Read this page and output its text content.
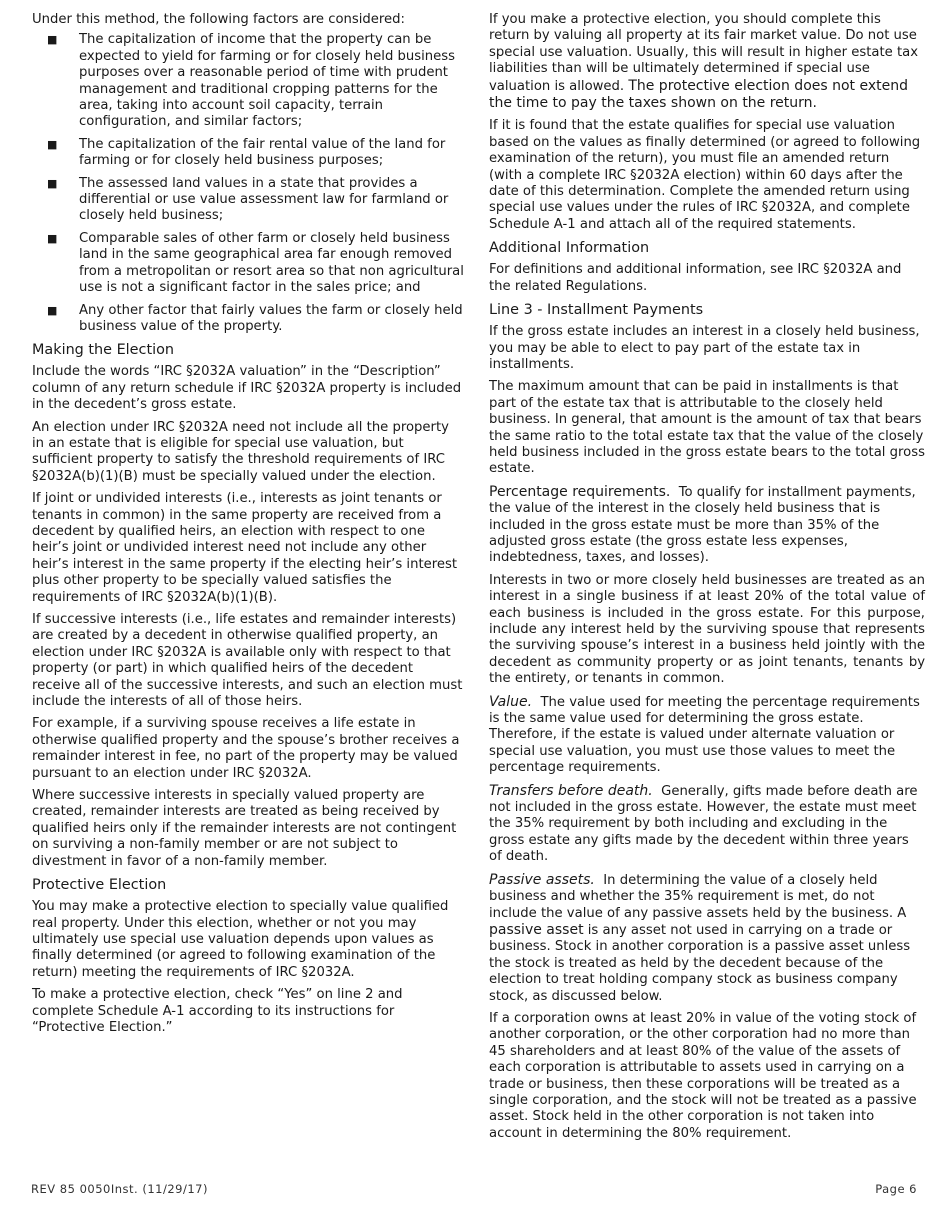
Under this method, the following factors are considered:

■ The capitalization of income that the property can be expected to yield for farming or for closely held business purposes over a reasonable period of time with prudent management and traditional cropping patterns for the area, taking into account soil capacity, terrain configuration, and similar factors;
■ The capitalization of the fair rental value of the land for farming or for closely held business purposes;
■ The assessed land values in a state that provides a differential or use value assessment law for farmland or closely held business;
■ Comparable sales of other farm or closely held business land in the same geographical area far enough removed from a metropolitan or resort area so that non agricultural use is not a significant factor in the sales price; and
■ Any other factor that fairly values the farm or closely held business value of the property.
Making the Election

Include the words “IRC §2032A valuation” in the “Description” column of any return schedule if IRC §2032A property is included in the decedent’s gross estate.

An election under IRC §2032A need not include all the property in an estate that is eligible for special use valuation, but sufficient property to satisfy the threshold requirements of IRC §2032A(b)(1)(B) must be specially valued under the election.

If joint or undivided interests (i.e., interests as joint tenants or tenants in common) in the same property are received from a decedent by qualified heirs, an election with respect to one heir’s joint or undivided interest need not include any other heir’s interest in the same property if the electing heir’s interest plus other property to be specially valued satisfies the requirements of IRC §2032A(b)(1)(B).

If successive interests (i.e., life estates and remainder interests) are created by a decedent in otherwise qualified property, an election under IRC §2032A is available only with respect to that property (or part) in which qualified heirs of the decedent receive all of the successive interests, and such an election must include the interests of all of those heirs.

For example, if a surviving spouse receives a life estate in otherwise qualified property and the spouse’s brother receives a remainder interest in fee, no part of the property may be valued pursuant to an election under IRC §2032A.

Where successive interests in specially valued property are created, remainder interests are treated as being received by qualified heirs only if the remainder interests are not contingent on surviving a non-family member or are not subject to divestment in favor of a non-family member.

Protective Election

You may make a protective election to specially value qualified real property. Under this election, whether or not you may ultimately use special use valuation depends upon values as finally determined (or agreed to following examination of the return) meeting the requirements of IRC §2032A.

To make a protective election, check “Yes” on line 2 and complete Schedule A-1 according to its instructions for “Protective Election.”

If you make a protective election, you should complete this return by valuing all property at its fair market value. Do not use special use valuation. Usually, this will result in higher estate tax liabilities than will be ultimately determined if special use valuation is allowed. The protective election does not extend the time to pay the taxes shown on the return.

If it is found that the estate qualifies for special use valuation based on the values as finally determined (or agreed to following examination of the return), you must file an amended return (with a complete IRC §2032A election) within 60 days after the date of this determination. Complete the amended return using special use values under the rules of IRC §2032A, and complete Schedule A-1 and attach all of the required statements.

Additional Information

For definitions and additional information, see IRC §2032A and the related Regulations.

Line 3 - Installment Payments

If the gross estate includes an interest in a closely held business, you may be able to elect to pay part of the estate tax in installments.

The maximum amount that can be paid in installments is that part of the estate tax that is attributable to the closely held business. In general, that amount is the amount of tax that bears the same ratio to the total estate tax that the value of the closely held business included in the gross estate bears to the total gross estate.

Percentage requirements. To qualify for installment payments, the value of the interest in the closely held business that is included in the gross estate must be more than 35% of the adjusted gross estate (the gross estate less expenses, indebtedness, taxes, and losses).

Interests in two or more closely held businesses are treated as an interest in a single business if at least 20% of the total value of each business is included in the gross estate. For this purpose, include any interest held by the surviving spouse that represents the surviving spouse’s interest in a business held jointly with the decedent as community property or as joint tenants, tenants by the entirety, or tenants in common.

Value. The value used for meeting the percentage requirements is the same value used for determining the gross estate. Therefore, if the estate is valued under alternate valuation or special use valuation, you must use those values to meet the percentage requirements.

Transfers before death. Generally, gifts made before death are not included in the gross estate. However, the estate must meet the 35% requirement by both including and excluding in the gross estate any gifts made by the decedent within three years of death.

Passive assets. In determining the value of a closely held business and whether the 35% requirement is met, do not include the value of any passive assets held by the business. A passive asset is any asset not used in carrying on a trade or business. Stock in another corporation is a passive asset unless the stock is treated as held by the decedent because of the election to treat holding company stock as business company stock, as discussed below.

If a corporation owns at least 20% in value of the voting stock of another corporation, or the other corporation had no more than 45 shareholders and at least 80% of the value of the assets of each corporation is attributable to assets used in carrying on a trade or business, then these corporations will be treated as a single corporation, and the stock will not be treated as a passive asset. Stock held in the other corporation is not taken into account in determining the 80% requirement.

REV 85 0050Inst. (11/29/17)	Page 6
